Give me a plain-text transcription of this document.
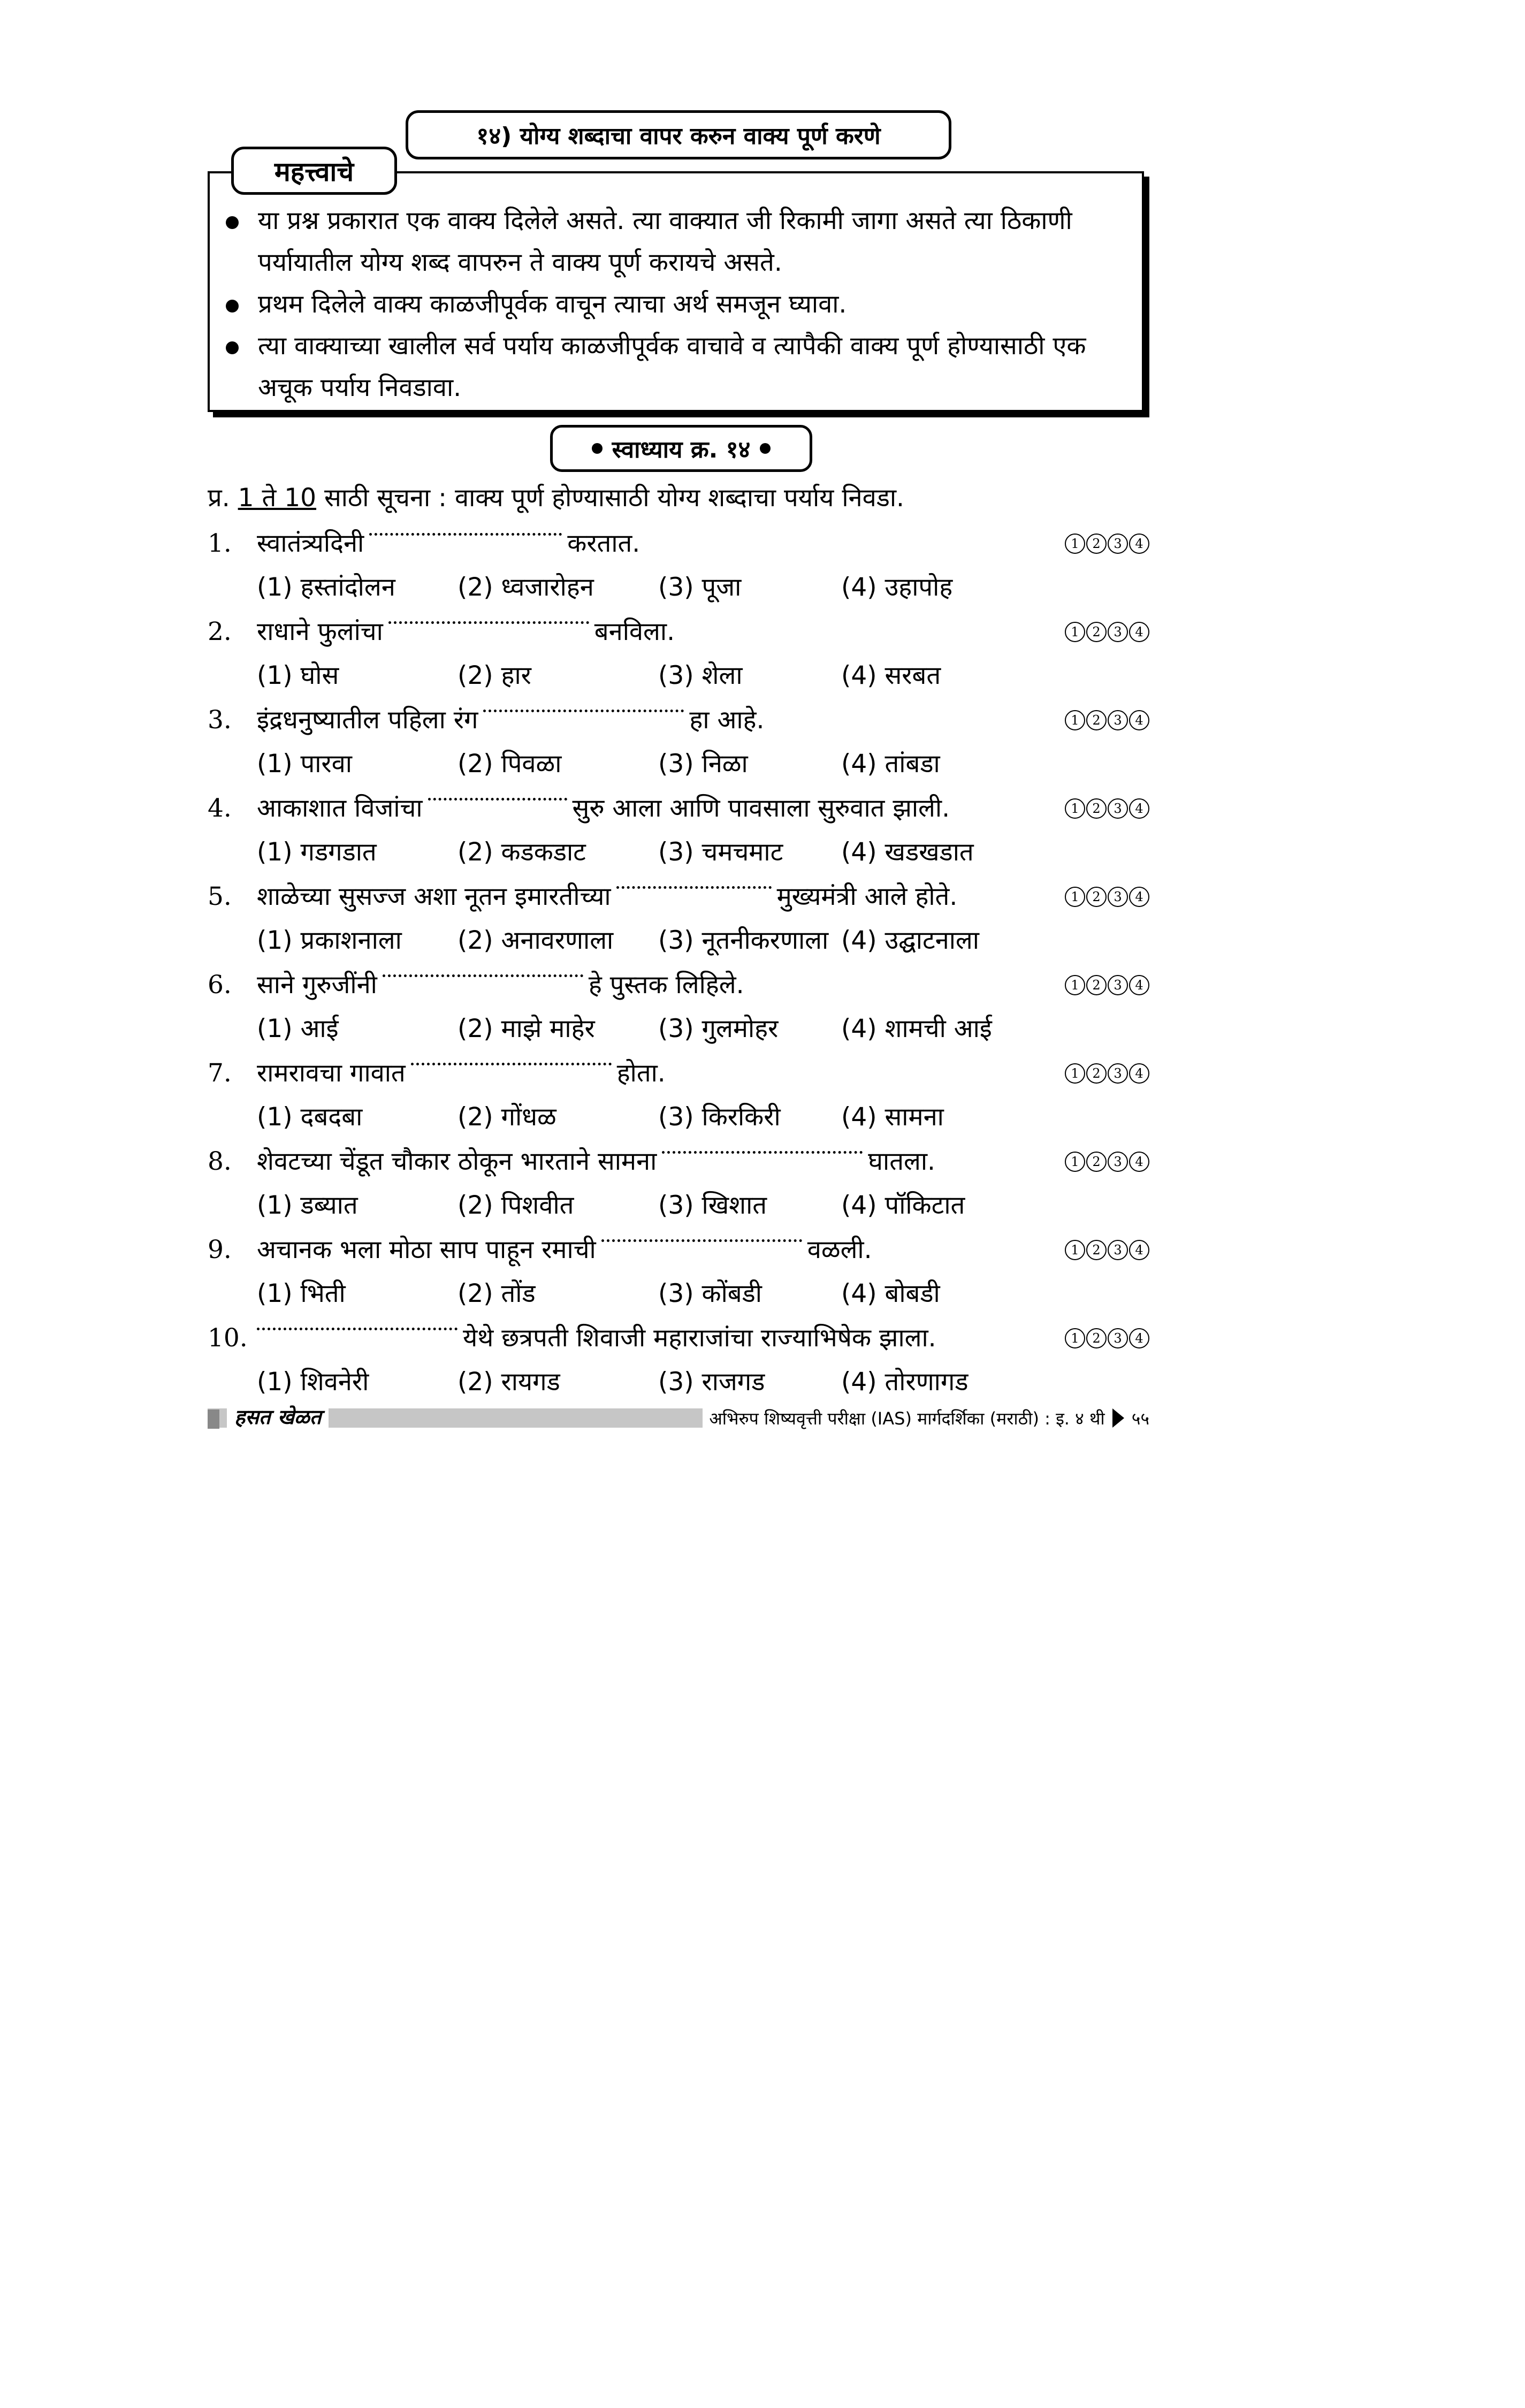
१४) योग्य शब्दाचा वापर करुन वाक्य पूर्ण करणे
महत्त्वाचे
या प्रश्न प्रकारात एक वाक्य दिलेले असते. त्या वाक्यात जी रिकामी जागा असते त्या ठिकाणी पर्यायातील योग्य शब्द वापरुन ते वाक्य पूर्ण करायचे असते.
प्रथम दिलेले वाक्य काळजीपूर्वक वाचून त्याचा अर्थ समजून घ्यावा.
त्या वाक्याच्या खालील सर्व पर्याय काळजीपूर्वक वाचावे व त्यापैकी वाक्य पूर्ण होण्यासाठी एक अचूक पर्याय निवडावा.
स्वाध्याय क्र. १४
प्र. 1 ते 10 साठी सूचना : वाक्य पूर्ण होण्यासाठी योग्य शब्दाचा पर्याय निवडा.
1. स्वातंत्र्यदिनी	करतात.	1	2	3	4
(1) हस्तांदोलन (2) ध्वजारोहन	(3) पूजा	(4) उहापोह
2. राधाने फुलांचा	बनविला.	1	2	3	4
(1) घोस	(2) हार	(3) शेला	(4) सरबत
3. इंद्रधनुष्यातील पहिला रंग	हा आहे.	1	2	3	4
(1) पारवा	(2) पिवळा	(3) निळा	(4) तांबडा
4. आकाशात विजांचा	सुरु आला आणि पावसाला सुरुवात झाली.	1	2	3	4
(1) गडगडात	(2) कडकडाट	(3) चमचमाट (4) खडखडात
5. शाळेच्या सुसज्ज अशा नूतन इमारतीच्या	मुख्यमंत्री आले होते.	1	2	3	4
(1) प्रकाशनाला (2) अनावरणाला (3) नूतनीकरणाला (4) उद्घाटनाला
6. साने गुरुजींनी	हे पुस्तक लिहिले.	1	2	3	4
(1) आई	(2) माझे माहेर	(3) गुलमोहर	(4) शामची आई
7. रामरावचा गावात	होता.	1	2	3	4
(1) दबदबा	(2) गोंधळ	(3) किरकिरी (4) सामना
8. शेवटच्या चेंडूत चौकार ठोकून भारताने सामना	घातला.	1	2	3	4
(1) डब्यात	(2) पिशवीत	(3) खिशात	(4) पॉकिटात
9. अचानक भला मोठा साप पाहून रमाची	वळली.	1	2	3	4
(1) भिती	(2) तोंड	(3) कोंबडी	(4) बोबडी
10.	येथे छत्रपती शिवाजी महाराजांचा राज्याभिषेक झाला.	1	2	3	4
(1) शिवनेरी	(2) रायगड	(3) राजगड	(4) तोरणागड
हसत खेळत	अभिरुप शिष्यवृत्ती परीक्षा (IAS) मार्गदर्शिका (मराठी) : इ. ४ थी ५५
